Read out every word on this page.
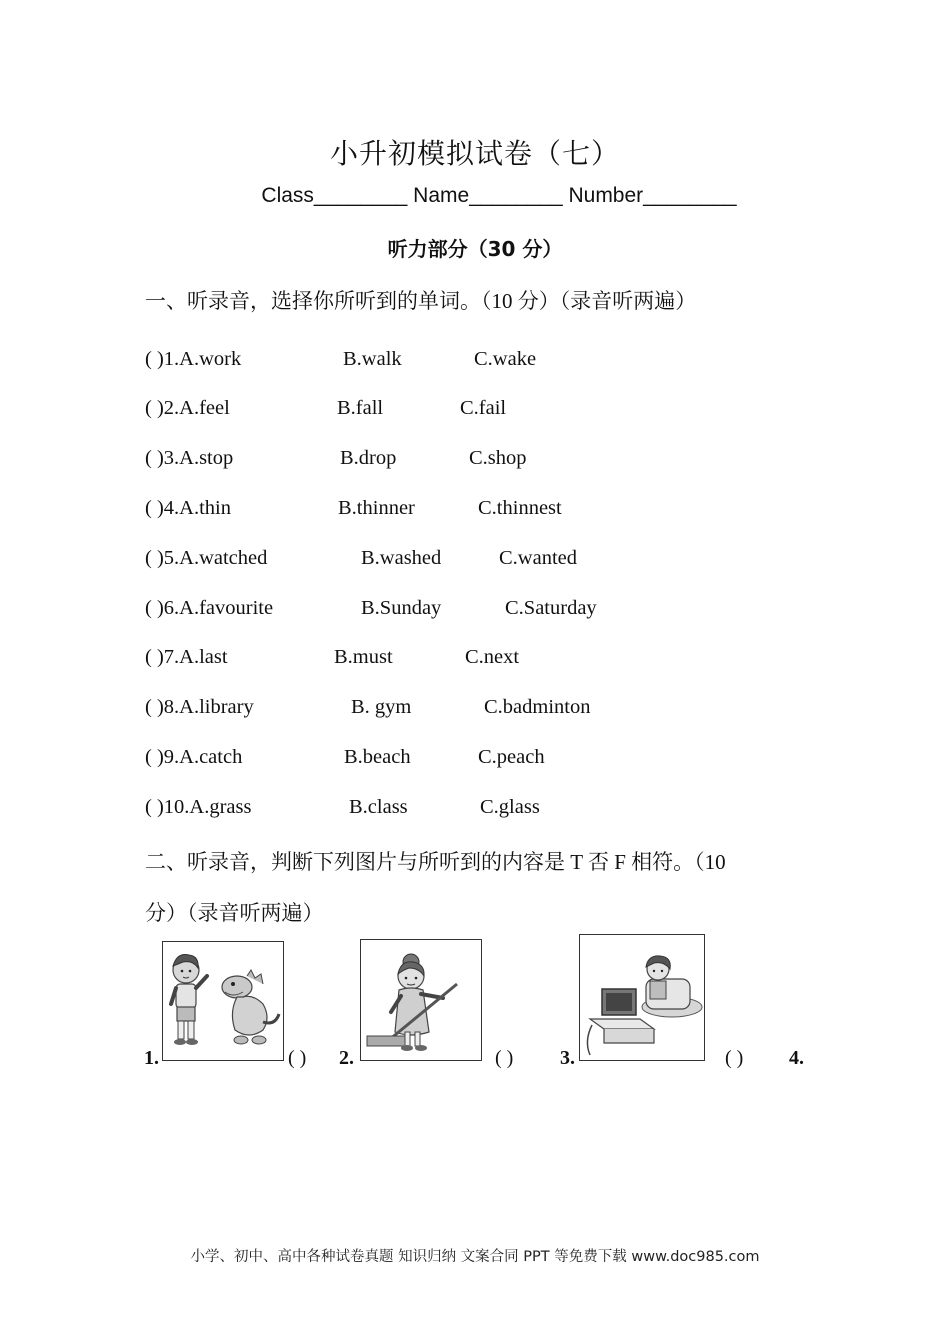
小升初模拟试卷（七）
Class________ Name________ Number________
听力部分（30 分）
一、听录音，选择你所听到的单词。（10 分）（录音听两遍）
( )1.A.work	B.walk	C.wake
( )2.A.feel	B.fall	C.fail
( )3.A.stop	B.drop	C.shop
( )4.A.thin	B.thinner	C.thinnest
( )5.A.watched	B.washed	C.wanted
( )6.A.favourite	B.Sunday	C.Saturday
( )7.A.last	B.must	C.next
( )8.A.library	B. gym	C.badminton
( )9.A.catch	B.beach	C.peach
( )10.A.grass	B.class	C.glass
二、听录音，判断下列图片与所听到的内容是 T 否 F 相符。（10
分）（录音听两遍）
1.	( ) 2.	( ) 3.	( ) 4.
小学、初中、高中各种试卷真题 知识归纳 文案合同 PPT 等免费下载 www.doc985.com
